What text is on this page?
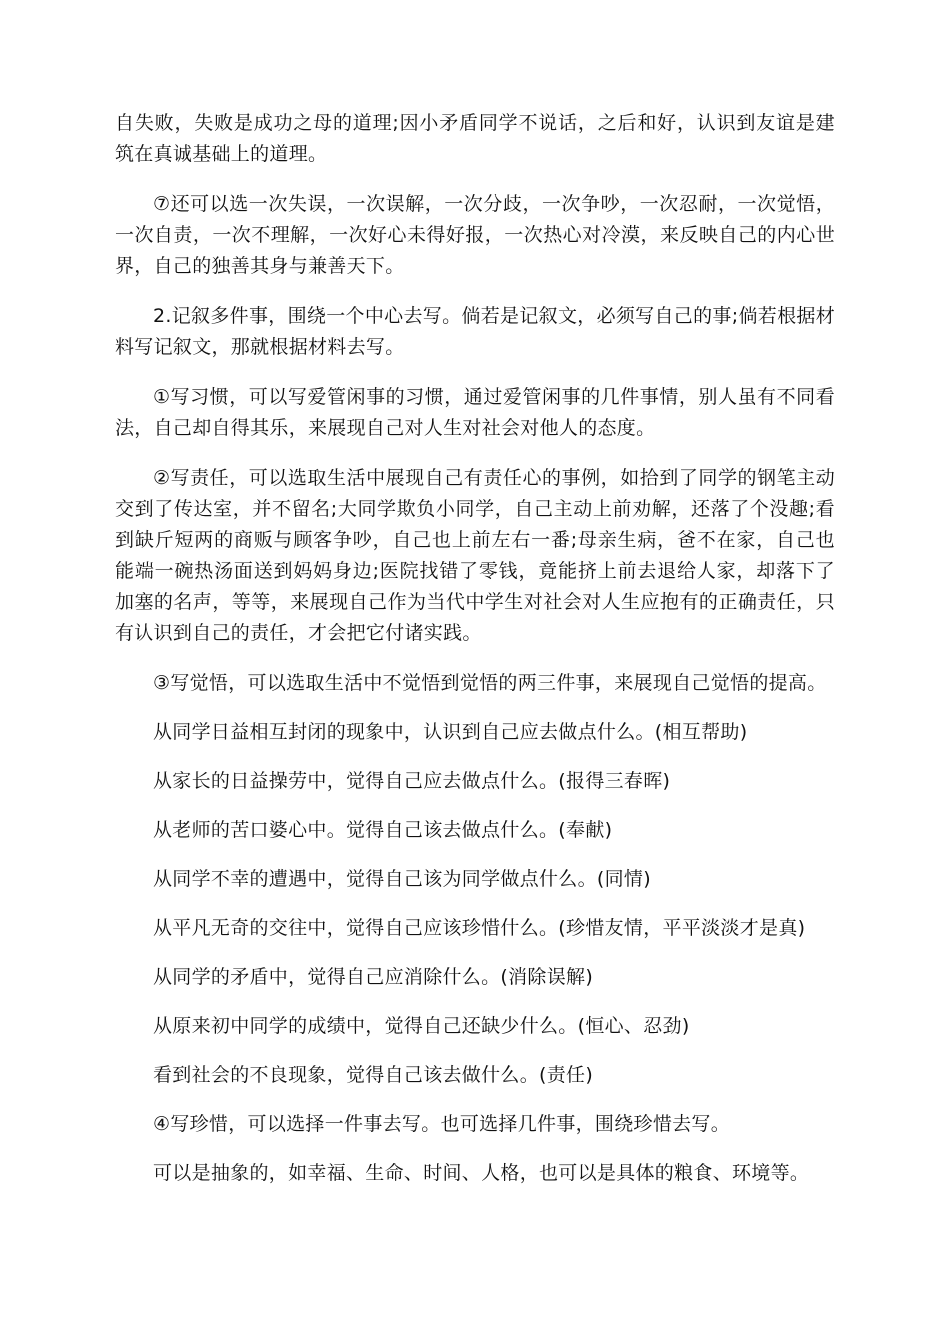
自失败，失败是成功之母的道理;因小矛盾同学不说话，之后和好，认识到友谊是建筑在真诚基础上的道理。

⑦还可以选一次失误，一次误解，一次分歧，一次争吵，一次忍耐，一次觉悟，一次自责，一次不理解，一次好心未得好报，一次热心对冷漠，来反映自己的内心世界，自己的独善其身与兼善天下。

2.记叙多件事，围绕一个中心去写。倘若是记叙文，必须写自己的事;倘若根据材料写记叙文，那就根据材料去写。

①写习惯，可以写爱管闲事的习惯，通过爱管闲事的几件事情，别人虽有不同看法，自己却自得其乐，来展现自己对人生对社会对他人的态度。

②写责任，可以选取生活中展现自己有责任心的事例，如拾到了同学的钢笔主动交到了传达室，并不留名;大同学欺负小同学，自己主动上前劝解，还落了个没趣;看到缺斤短两的商贩与顾客争吵，自己也上前左右一番;母亲生病，爸不在家，自己也能端一碗热汤面送到妈妈身边;医院找错了零钱，竟能挤上前去退给人家，却落下了加塞的名声，等等，来展现自己作为当代中学生对社会对人生应抱有的正确责任，只有认识到自己的责任，才会把它付诸实践。

③写觉悟，可以选取生活中不觉悟到觉悟的两三件事，来展现自己觉悟的提高。

从同学日益相互封闭的现象中，认识到自己应去做点什么。(相互帮助)

从家长的日益操劳中，觉得自己应去做点什么。(报得三春晖)

从老师的苦口婆心中。觉得自己该去做点什么。(奉献)

从同学不幸的遭遇中，觉得自己该为同学做点什么。(同情)

从平凡无奇的交往中，觉得自己应该珍惜什么。(珍惜友情，平平淡淡才是真)

从同学的矛盾中，觉得自己应消除什么。(消除误解)

从原来初中同学的成绩中，觉得自己还缺少什么。(恒心、忍劲)

看到社会的不良现象，觉得自己该去做什么。(责任)

④写珍惜，可以选择一件事去写。也可选择几件事，围绕珍惜去写。

可以是抽象的，如幸福、生命、时间、人格，也可以是具体的粮食、环境等。
